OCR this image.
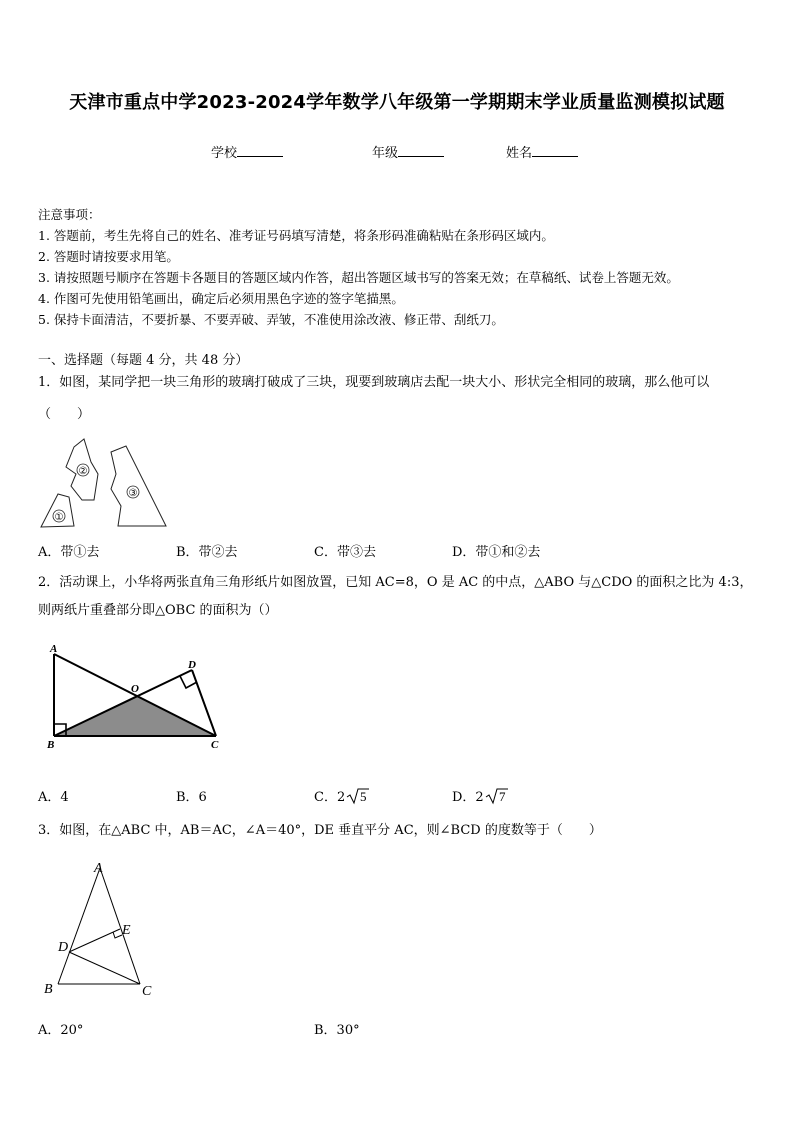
天津市重点中学2023-2024学年数学八年级第一学期期末学业质量监测模拟试题
学校	年级	姓名
注意事项：
1. 答题前，考生先将自己的姓名、准考证号码填写清楚，将条形码准确粘贴在条形码区域内。
2. 答题时请按要求用笔。
3. 请按照题号顺序在答题卡各题目的答题区域内作答，超出答题区域书写的答案无效；在草稿纸、试卷上答题无效。
4. 作图可先使用铅笔画出，确定后必须用黑色字迹的签字笔描黑。
5. 保持卡面清洁，不要折暴、不要弄破、弄皱，不准使用涂改液、修正带、刮纸刀。
一、选择题（每题 4 分，共 48 分）
1．如图，某同学把一块三角形的玻璃打破成了三块，现要到玻璃店去配一块大小、形状完全相同的玻璃，那么他可以
（　　）
①
②
③
A．带①去	B．带②去	C．带③去	D．带①和②去
2．活动课上，小华将两张直角三角形纸片如图放置，已知 AC=8，O 是 AC 的中点，△ABO 与△CDO 的面积之比为 4:3，
则两纸片重叠部分即△OBC 的面积为（）
A
B	C
D
O
A．4	B．6	C．2 5	D．2 7
3．如图，在△ABC 中，AB＝AC，∠A＝40°，DE 垂直平分 AC，则∠BCD 的度数等于（　　）
A
B	C
D
E
A．20°	B．30°
